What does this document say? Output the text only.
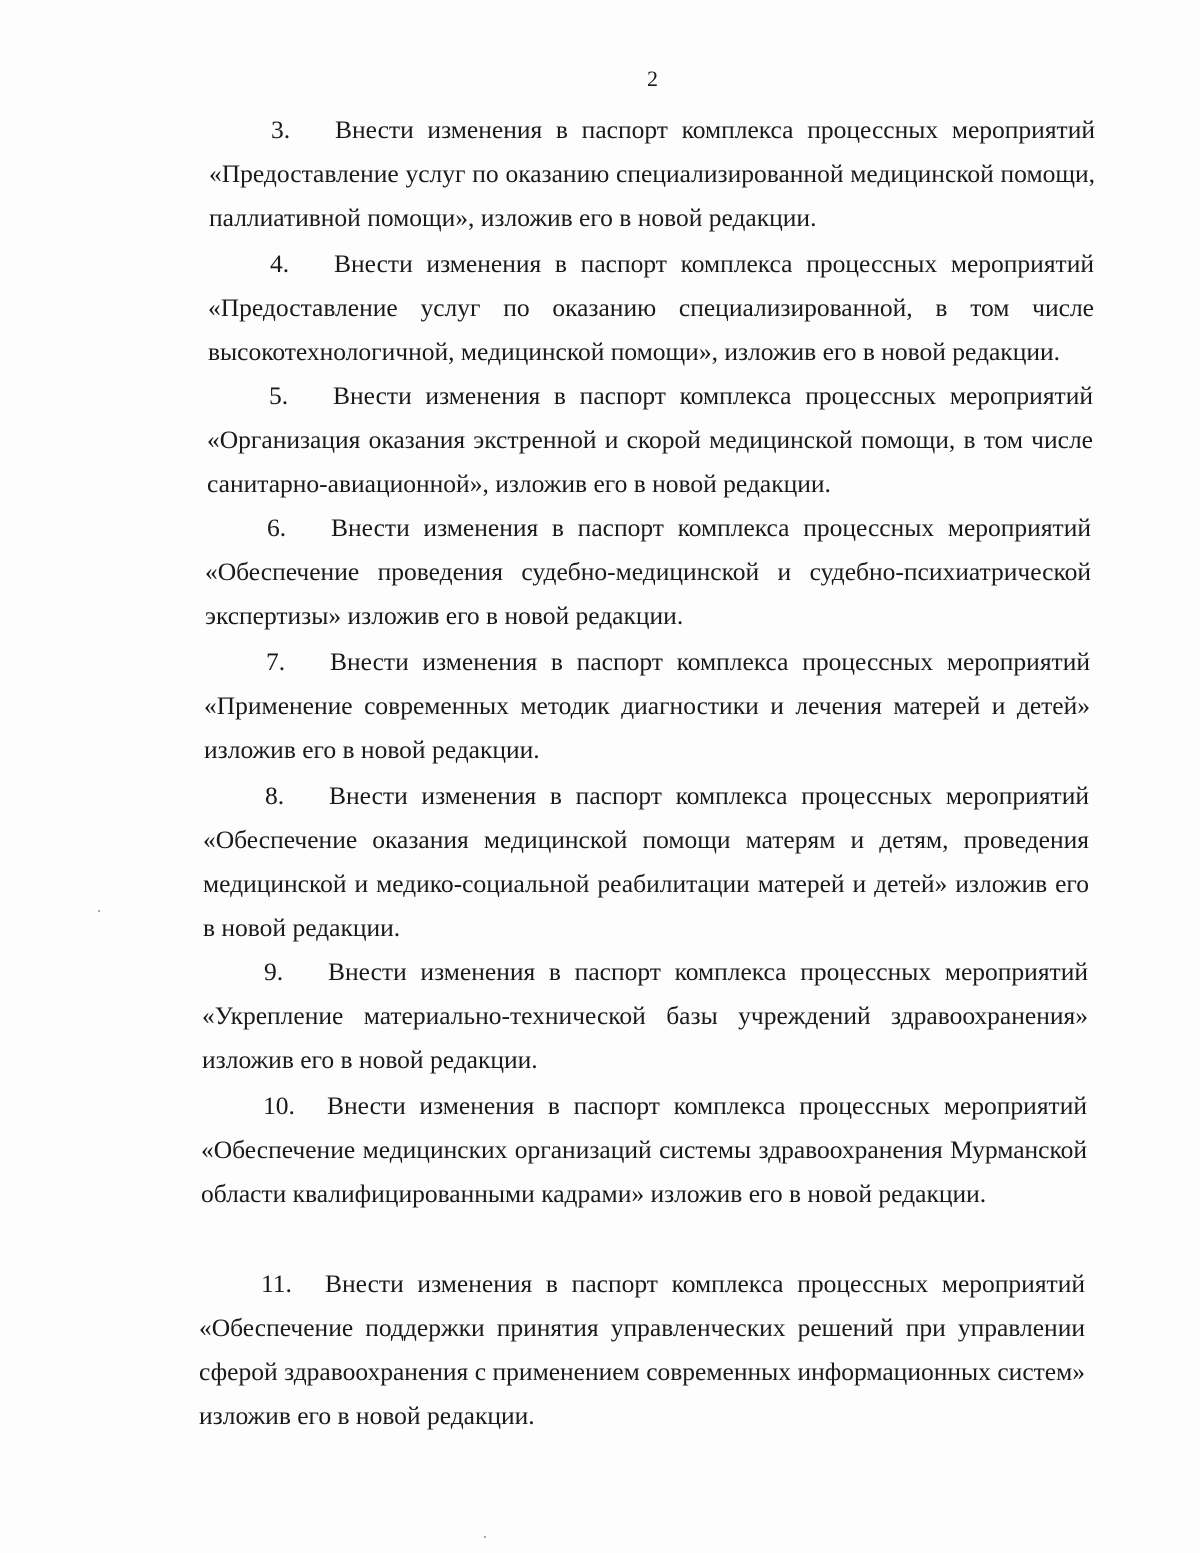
2

3. Внести изменения в паспорт комплекса процессных мероприятий «Предоставление услуг по оказанию специализированной медицинской помощи, паллиативной помощи», изложив его в новой редакции.

4. Внести изменения в паспорт комплекса процессных мероприятий «Предоставление услуг по оказанию специализированной, в том числе высокотехнологичной, медицинской помощи», изложив его в новой редакции.

5. Внести изменения в паспорт комплекса процессных мероприятий «Организация оказания экстренной и скорой медицинской помощи, в том числе санитарно-авиационной», изложив его в новой редакции.

6. Внести изменения в паспорт комплекса процессных мероприятий «Обеспечение проведения судебно-медицинской и судебно-психиатрической экспертизы» изложив его в новой редакции.

7. Внести изменения в паспорт комплекса процессных мероприятий «Применение современных методик диагностики и лечения матерей и детей» изложив его в новой редакции.

8. Внести изменения в паспорт комплекса процессных мероприятий «Обеспечение оказания медицинской помощи матерям и детям, проведения медицинской и медико-социальной реабилитации матерей и детей» изложив его в новой редакции.

9. Внести изменения в паспорт комплекса процессных мероприятий «Укрепление материально-технической базы учреждений здравоохранения» изложив его в новой редакции.

10. Внести изменения в паспорт комплекса процессных мероприятий «Обеспечение медицинских организаций системы здравоохранения Мурманской области квалифицированными кадрами» изложив его в новой редакции.

11. Внести изменения в паспорт комплекса процессных мероприятий «Обеспечение поддержки принятия управленческих решений при управлении сферой здравоохранения с применением современных информационных систем» изложив его в новой редакции.
